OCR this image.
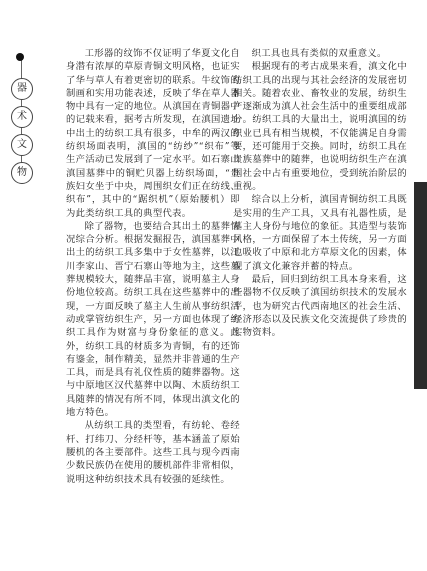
器
术
文
物

工形器的纹饰不仅证明了华夏文化自身潜有浓厚的草原青铜文明风格，也证实了华与草人有着更密切的联系。牛纹饰的制画和实用功能表述，反映了华在草人器物中具有一定的地位。从滇国在青铜器中的记载来看，据考古所发现，在滇国遗址中出土的纺织工具有很多，中牟的两汉的纺织场面表明，滇国的“纺纱”“织布”等生产活动已发展到了一定水平。如石寨山滇国墓葬中的铜贮贝器上纺织场面，“贵族妇女坐于中央，周围织女们正在纺线、织布”，其中的“踞织机”（原始腰机）即为此类纺织工具的典型代表。

除了器物，也要结合其出土的墓葬情况综合分析。根据发掘报告，滇国墓葬中出土的纺织工具多集中于女性墓葬，以江川李家山、晋宁石寨山等地为主，这些墓葬规模较大，随葬品丰富，说明墓主人身份地位较高。纺织工具在这些墓葬中的出现，一方面反映了墓主人生前从事纺织活动或掌管纺织生产，另一方面也体现了纺织工具作为财富与身份象征的意义。此外，纺织工具的材质多为青铜，有的还饰有鎏金，制作精美，显然并非普通的生产工具，而是具有礼仪性质的随葬器物。这与中原地区汉代墓葬中以陶、木质纺织工具随葬的情况有所不同，体现出滇文化的地方特色。

从纺织工具的类型看，有纺轮、卷经杆、打纬刀、分经杆等，基本涵盖了原始腰机的各主要部件。这些工具与现今西南少数民族仍在使用的腰机部件非常相似，说明这种纺织技术具有较强的延续性。

织工具也具有类似的双重意义。

根据现有的考古成果来看，滇文化中纺织工具的出现与其社会经济的发展密切相关。随着农业、畜牧业的发展，纺织生产逐渐成为滇人社会生活中的重要组成部分。纺织工具的大量出土，说明滇国的纺织业已具有相当规模，不仅能满足自身需要，还可能用于交换。同时，纺织工具在贵族墓葬中的随葬，也说明纺织生产在滇国社会中占有重要地位，受到统治阶层的重视。

综合以上分析，滇国青铜纺织工具既是实用的生产工具，又具有礼器性质，是墓主人身份与地位的象征。其造型与装饰风格，一方面保留了本土传统，另一方面也吸收了中原和北方草原文化的因素，体现了滇文化兼容并蓄的特点。

最后，回归到纺织工具本身来看，这些器物不仅反映了滇国纺织技术的发展水平，也为研究古代西南地区的社会生活、经济形态以及民族文化交流提供了珍贵的实物资料。
